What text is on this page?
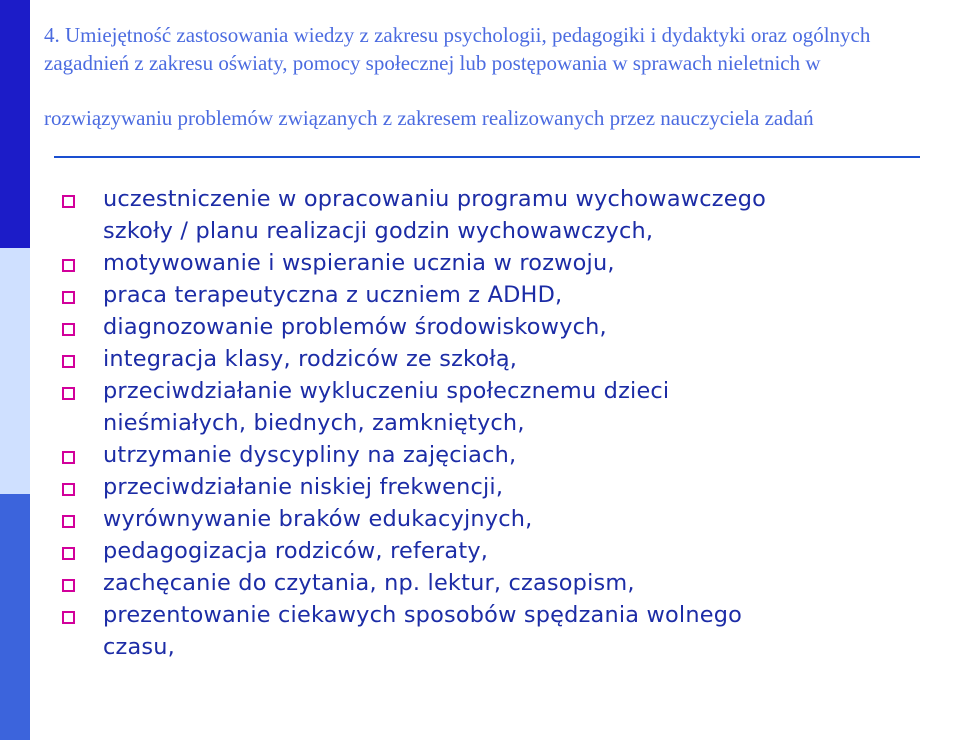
4. Umiejętność zastosowania wiedzy z zakresu psychologii, pedagogiki i dydaktyki oraz ogólnych
zagadnień z zakresu oświaty, pomocy społecznej lub postępowania w sprawach nieletnich w
rozwiązywaniu problemów związanych z zakresem realizowanych przez nauczyciela zadań
uczestniczenie w opracowaniu programu wychowawczego
szkoły / planu realizacji godzin wychowawczych,
motywowanie i wspieranie ucznia w rozwoju,
praca terapeutyczna z uczniem z ADHD,
diagnozowanie problemów środowiskowych,
integracja klasy, rodziców ze szkołą,
przeciwdziałanie wykluczeniu społecznemu dzieci
nieśmiałych, biednych, zamkniętych,
utrzymanie dyscypliny na zajęciach,
przeciwdziałanie niskiej frekwencji,
wyrównywanie braków edukacyjnych,
pedagogizacja rodziców, referaty,
zachęcanie do czytania, np. lektur, czasopism,
prezentowanie ciekawych sposobów spędzania wolnego
czasu,
